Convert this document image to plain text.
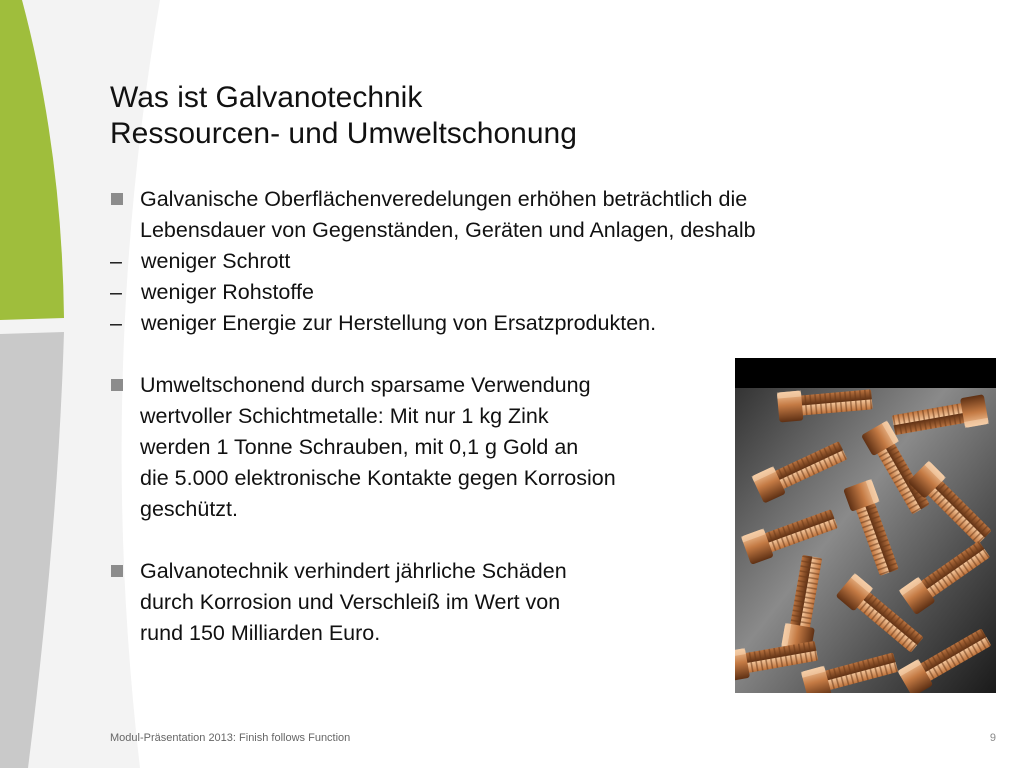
Was ist Galvanotechnik
Ressourcen- und Umweltschonung
Galvanische Oberflächenveredelungen erhöhen beträchtlich die
Lebensdauer von Gegenständen, Geräten und Anlagen, deshalb
– weniger Schrott
– weniger Rohstoffe
– weniger Energie zur Herstellung von Ersatzprodukten.
Umweltschonend durch sparsame Verwendung
wertvoller Schichtmetalle: Mit nur 1 kg Zink
werden 1 Tonne Schrauben, mit 0,1 g Gold an
die 5.000 elektronische Kontakte gegen Korrosion
geschützt.
Galvanotechnik verhindert jährliche Schäden
durch Korrosion und Verschleiß im Wert von
rund 150 Milliarden Euro.
Modul-Präsentation 2013: Finish follows Function	9
